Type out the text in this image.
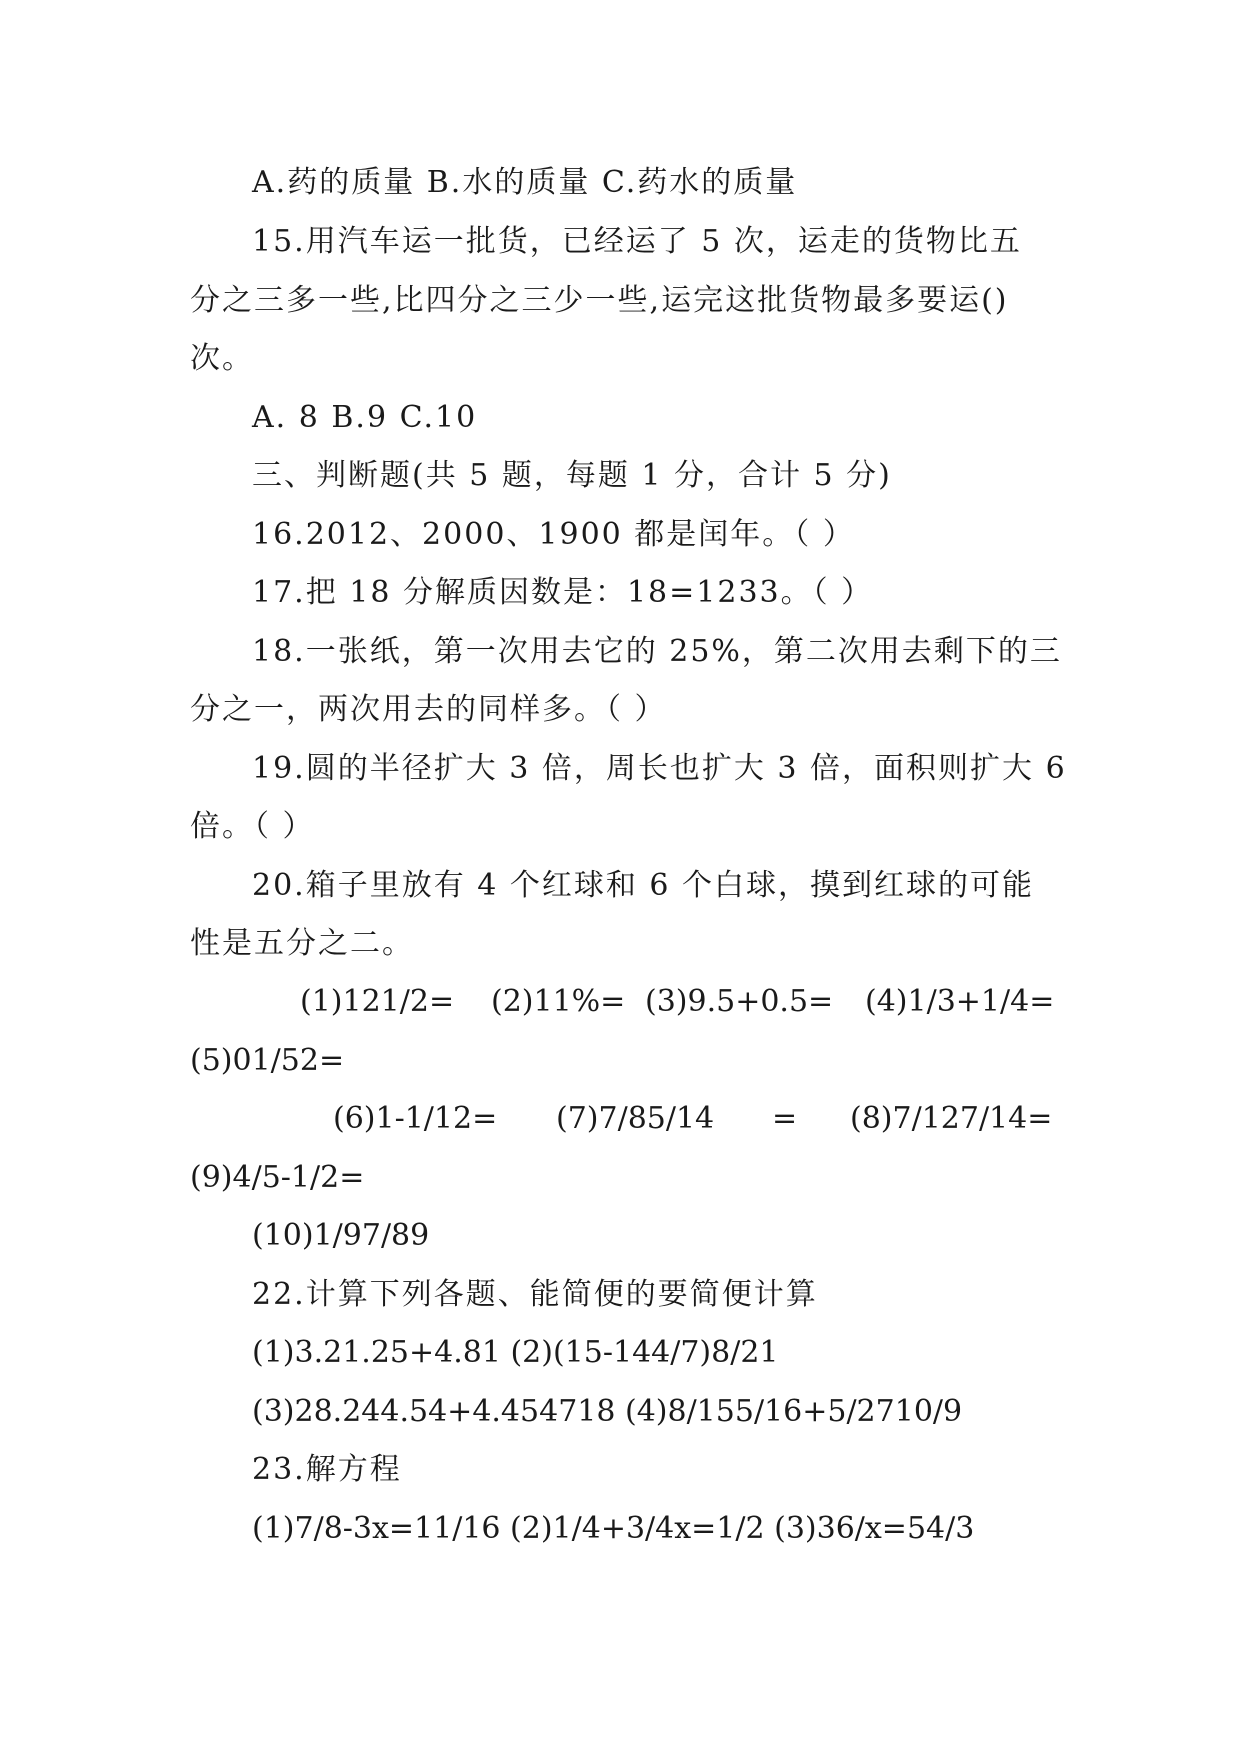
A.药的质量 B.水的质量 C.药水的质量
15.用汽车运一批货，已经运了 5 次，运走的货物比五
分之三多一些,比四分之三少一些,运完这批货物最多要运()
次。
A. 8 B.9 C.10
三、判断题(共 5 题，每题 1 分，合计 5 分)
16.2012、2000、1900 都是闰年。（ ）
17.把 18 分解质因数是：18=1233。（ ）
18.一张纸，第一次用去它的 25%，第二次用去剩下的三
分之一，两次用去的同样多。（ ）
19.圆的半径扩大 3 倍，周长也扩大 3 倍，面积则扩大 6
倍。（ ）
20.箱子里放有 4 个红球和 6 个白球，摸到红球的可能
性是五分之二。
(1)121/2= (2)11%= (3)9.5+0.5= (4)1/3+1/4=
(5)01/52=
(6)1-1/12= (7)7/85/14 = (8)7/127/14=
(9)4/5-1/2=
(10)1/97/89
22.计算下列各题、能简便的要简便计算
(1)3.21.25+4.81 (2)(15-144/7)8/21
(3)28.244.54+4.454718 (4)8/155/16+5/2710/9
23.解方程
(1)7/8-3x=11/16 (2)1/4+3/4x=1/2 (3)36/x=54/3
